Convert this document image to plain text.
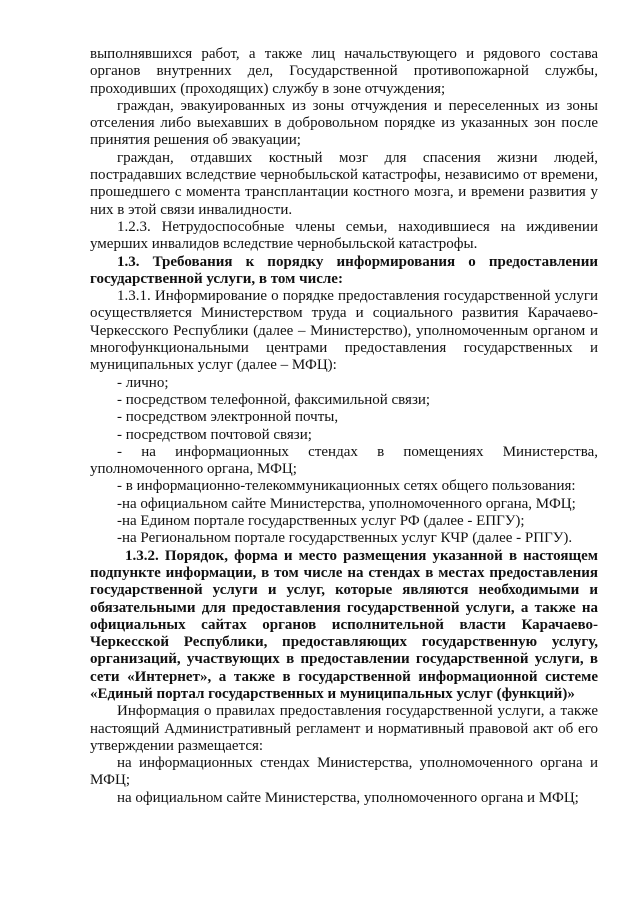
выполнявшихся работ, а также лиц начальствующего и рядового состава органов внутренних дел, Государственной противопожарной службы, проходивших (проходящих) службу в зоне отчуждения;

граждан, эвакуированных из зоны отчуждения и переселенных из зоны отселения либо выехавших в добровольном порядке из указанных зон после принятия решения об эвакуации;

граждан, отдавших костный мозг для спасения жизни людей, пострадавших вследствие чернобыльской катастрофы, независимо от времени, прошедшего с момента трансплантации костного мозга, и времени развития у них в этой связи инвалидности.

1.2.3. Нетрудоспособные члены семьи, находившиеся на иждивении умерших инвалидов вследствие чернобыльской катастрофы.

1.3. Требования к порядку информирования о предоставлении государственной услуги, в том числе:

1.3.1. Информирование о порядке предоставления государственной услуги осуществляется Министерством труда и социального развития Карачаево-Черкесского Республики (далее – Министерство), уполномоченным органом и многофункциональными центрами предоставления государственных и муниципальных услуг (далее – МФЦ):

- лично;

- посредством телефонной, факсимильной связи;

- посредством электронной почты,

- посредством почтовой связи;

- на информационных стендах в помещениях Министерства, уполномоченного органа, МФЦ;

- в информационно-телекоммуникационных сетях общего пользования:

-на официальном сайте Министерства, уполномоченного органа, МФЦ;

-на Едином портале государственных услуг РФ (далее - ЕПГУ);

-на Региональном портале государственных услуг КЧР (далее - РПГУ).

1.3.2. Порядок, форма и место размещения указанной в настоящем подпункте информации, в том числе на стендах в местах предоставления государственной услуги и услуг, которые являются необходимыми и обязательными для предоставления государственной услуги, а также на официальных сайтах органов исполнительной власти Карачаево-Черкесской Республики, предоставляющих государственную услугу, организаций, участвующих в предоставлении государственной услуги, в сети «Интернет», а также в государственной информационной системе «Единый портал государственных и муниципальных услуг (функций)»

Информация о правилах предоставления государственной услуги, а также настоящий Административный регламент и нормативный правовой акт об его утверждении размещается:

на информационных стендах Министерства, уполномоченного органа и МФЦ;

на официальном сайте Министерства, уполномоченного органа и МФЦ;
